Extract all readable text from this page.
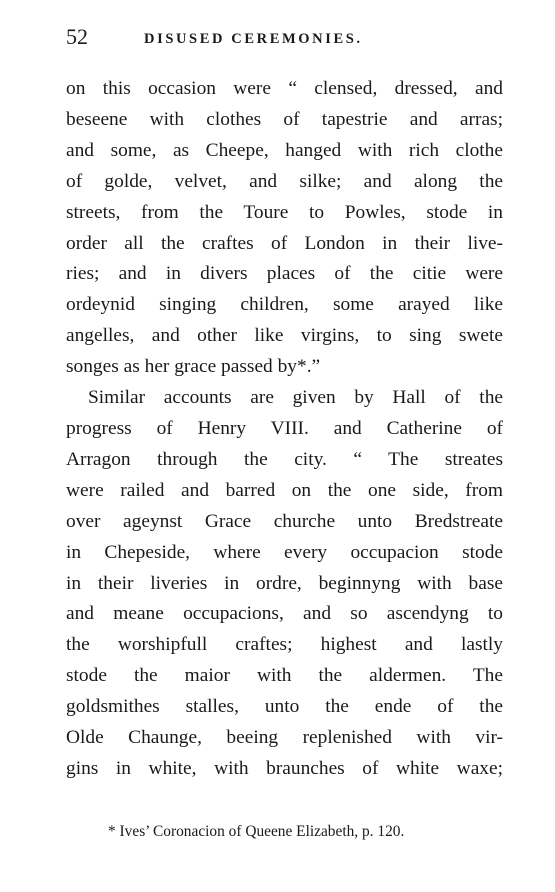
52	DISUSED CEREMONIES.

on this occasion were “ clensed, dressed, and
beseene with clothes of tapestrie and arras;
and some, as Cheepe, hanged with rich clothe
of golde, velvet, and silke; and along the
streets, from the Toure to Powles, stode in
order all the craftes of London in their live-
ries; and in divers places of the citie were
ordeynid singing children, some arayed like
angelles, and other like virgins, to sing swete
songes as her grace passed by*.”

Similar accounts are given by Hall of the
progress of Henry VIII. and Catherine of
Arragon through the city. “ The streates
were railed and barred on the one side, from
over ageynst Grace churche unto Bredstreate
in Chepeside, where every occupacion stode
in their liveries in ordre, beginnyng with base
and meane occupacions, and so ascendyng to
the worshipfull craftes; highest and lastly
stode the maior with the aldermen. The
goldsmithes stalles, unto the ende of the
Olde Chaunge, beeing replenished with vir-
gins in white, with braunches of white waxe;

* Ives’ Coronacion of Queene Elizabeth, p. 120.
